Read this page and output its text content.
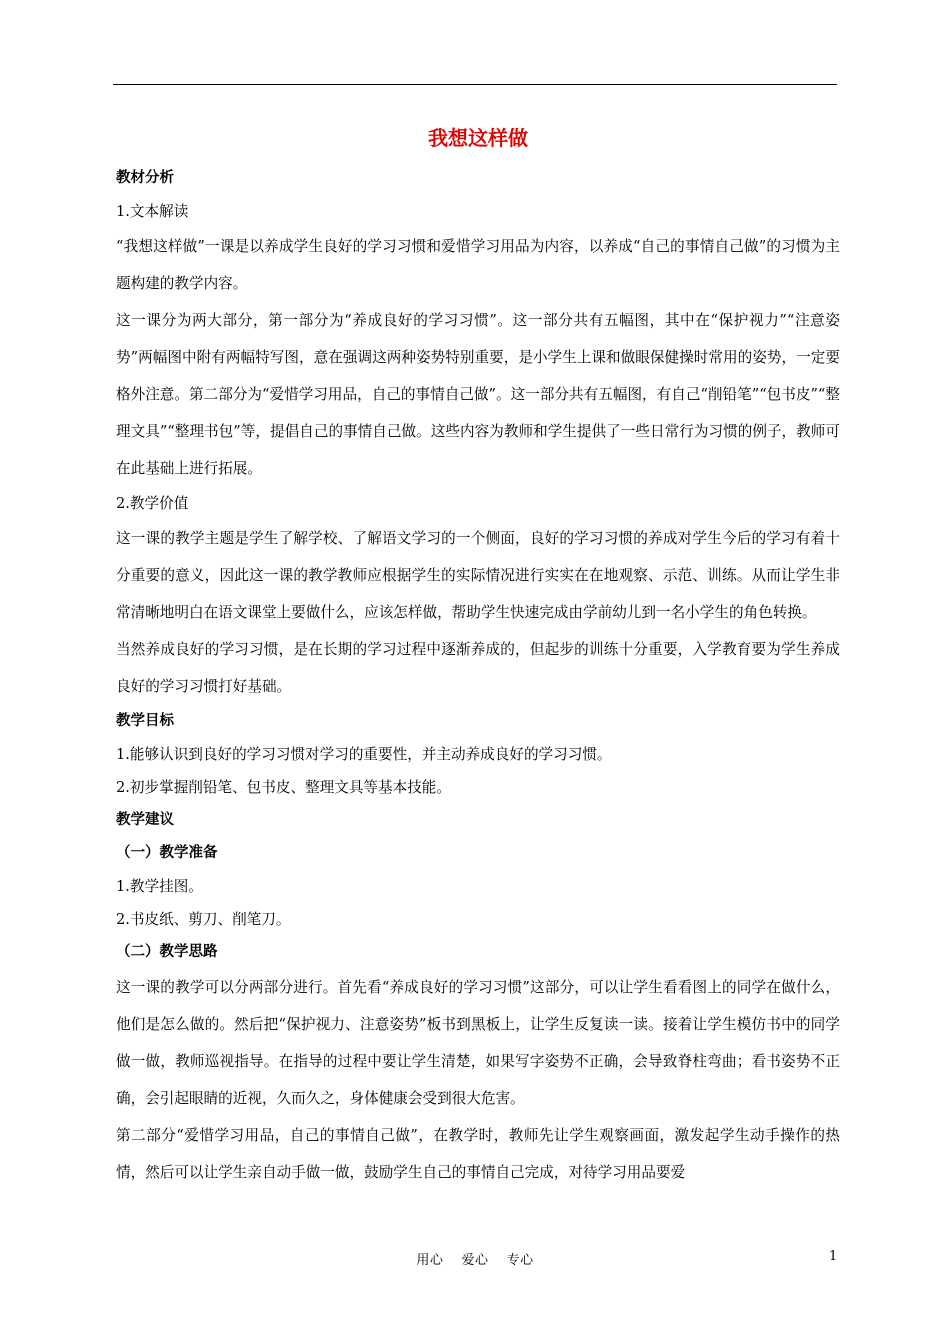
我想这样做
教材分析
1.文本解读

“我想这样做”一课是以养成学生良好的学习习惯和爱惜学习用品为内容，以养成“自己的事情自己做”的习惯为主题构建的教学内容。

这一课分为两大部分，第一部分为“养成良好的学习习惯”。这一部分共有五幅图，其中在“保护视力”“注意姿势”两幅图中附有两幅特写图，意在强调这两种姿势特别重要，是小学生上课和做眼保健操时常用的姿势，一定要格外注意。第二部分为“爱惜学习用品，自己的事情自己做”。这一部分共有五幅图，有自己“削铅笔”“包书皮”“整理文具”“整理书包”等，提倡自己的事情自己做。这些内容为教师和学生提供了一些日常行为习惯的例子，教师可在此基础上进行拓展。

2.教学价值

这一课的教学主题是学生了解学校、了解语文学习的一个侧面，良好的学习习惯的养成对学生今后的学习有着十分重要的意义，因此这一课的教学教师应根据学生的实际情况进行实实在在地观察、示范、训练。从而让学生非常清晰地明白在语文课堂上要做什么，应该怎样做，帮助学生快速完成由学前幼儿到一名小学生的角色转换。

当然养成良好的学习习惯，是在长期的学习过程中逐渐养成的，但起步的训练十分重要，入学教育要为学生养成良好的学习习惯打好基础。

教学目标
1.能够认识到良好的学习习惯对学习的重要性，并主动养成良好的学习习惯。
2.初步掌握削铅笔、包书皮、整理文具等基本技能。
教学建议
（一）教学准备
1.教学挂图。
2.书皮纸、剪刀、削笔刀。
（二）教学思路

这一课的教学可以分两部分进行。首先看“养成良好的学习习惯”这部分，可以让学生看看图上的同学在做什么，他们是怎么做的。然后把“保护视力、注意姿势”板书到黑板上，让学生反复读一读。接着让学生模仿书中的同学做一做，教师巡视指导。在指导的过程中要让学生清楚，如果写字姿势不正确，会导致脊柱弯曲；看书姿势不正确，会引起眼睛的近视，久而久之，身体健康会受到很大危害。

第二部分“爱惜学习用品，自己的事情自己做”，在教学时，教师先让学生观察画面，激发起学生动手操作的热情，然后可以让学生亲自动手做一做，鼓励学生自己的事情自己完成，对待学习用品要爱

用心　 爱心　 专心	1
